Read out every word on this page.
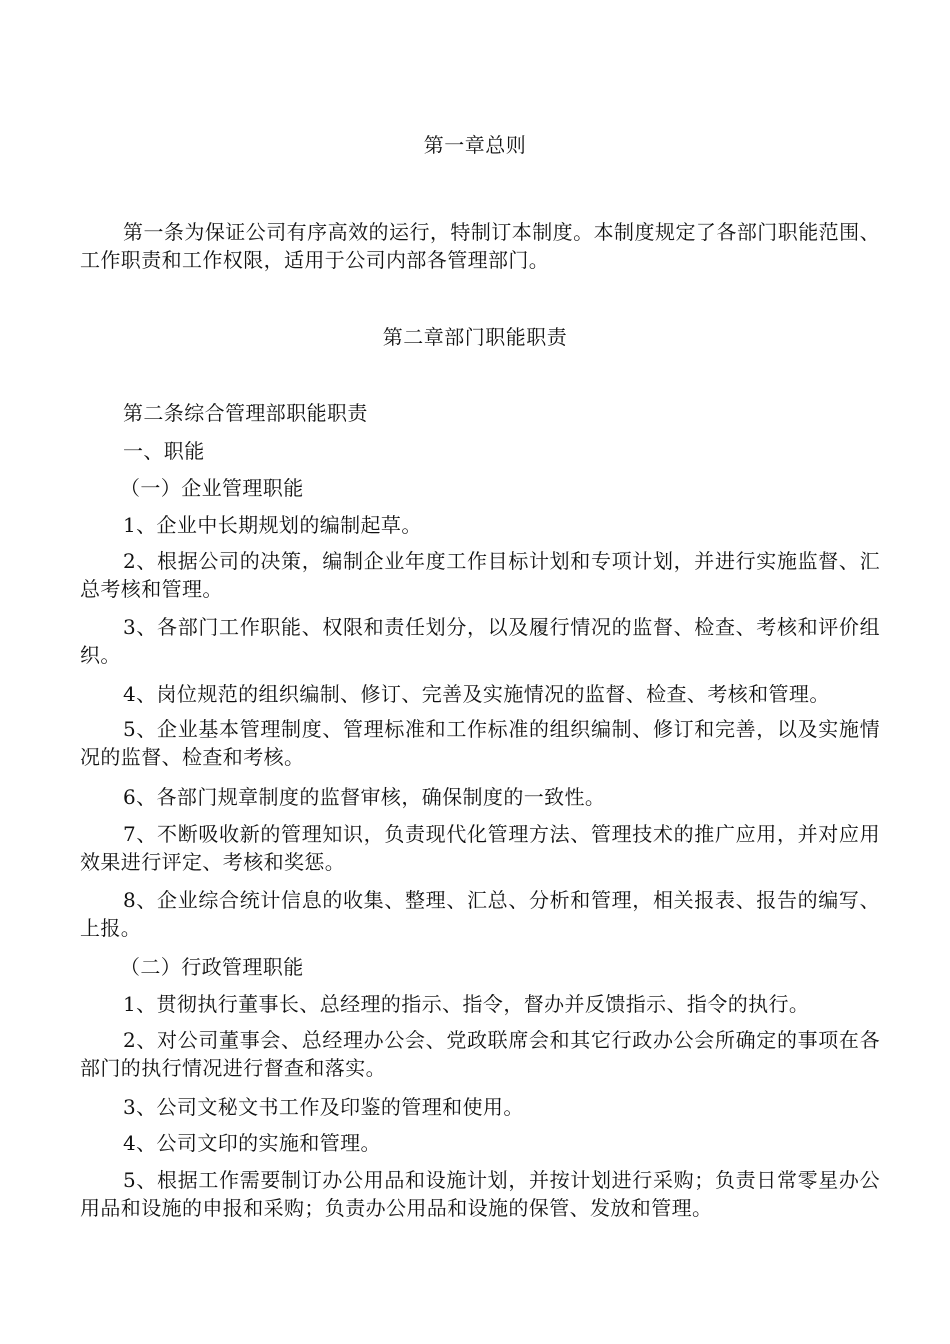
第一章总则

第一条为保证公司有序高效的运行，特制订本制度。本制度规定了各部门职能范围、工作职责和工作权限，适用于公司内部各管理部门。

第二章部门职能职责

第二条综合管理部职能职责

一、职能

（一）企业管理职能

1、企业中长期规划的编制起草。

2、根据公司的决策，编制企业年度工作目标计划和专项计划，并进行实施监督、汇总考核和管理。

3、各部门工作职能、权限和责任划分，以及履行情况的监督、检查、考核和评价组织。

4、岗位规范的组织编制、修订、完善及实施情况的监督、检查、考核和管理。

5、企业基本管理制度、管理标准和工作标准的组织编制、修订和完善，以及实施情况的监督、检查和考核。

6、各部门规章制度的监督审核，确保制度的一致性。

7、不断吸收新的管理知识，负责现代化管理方法、管理技术的推广应用，并对应用效果进行评定、考核和奖惩。

8、企业综合统计信息的收集、整理、汇总、分析和管理，相关报表、报告的编写、上报。

（二）行政管理职能

1、贯彻执行董事长、总经理的指示、指令，督办并反馈指示、指令的执行。

2、对公司董事会、总经理办公会、党政联席会和其它行政办公会所确定的事项在各部门的执行情况进行督查和落实。

3、公司文秘文书工作及印鉴的管理和使用。

4、公司文印的实施和管理。

5、根据工作需要制订办公用品和设施计划，并按计划进行采购；负责日常零星办公用品和设施的申报和采购；负责办公用品和设施的保管、发放和管理。
